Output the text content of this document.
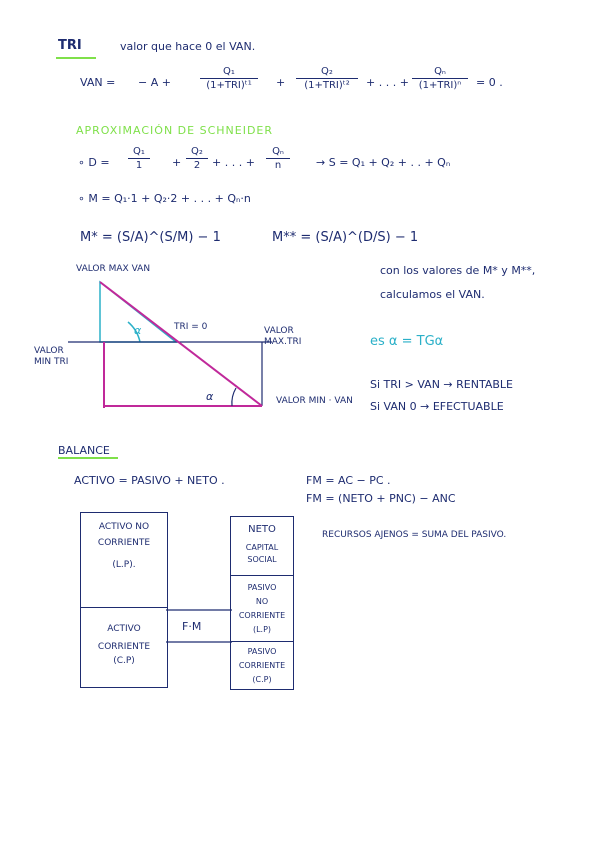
TRI	valor que hace 0 el VAN.
VAN = − A +
Q₁
(1+TRI)ᵗ¹	+
Q₂
(1+TRI)ᵗ²	+ . . . +
Qₙ
(1+TRI)ⁿ	= 0 .
APROXIMACIÓN DE SCHNEIDER
∘ D =
Q₁
1	+
Q₂
2	+ . . . +
Qₙ
n	→ S = Q₁ + Q₂ + . . + Qₙ
∘ M = Q₁·1 + Q₂·2 + . . . + Qₙ·n
M* = (S/A)^(S/M) − 1	M** = (S/A)^(D/S) − 1
VALOR MAX VAN
TRI = 0	VALOR MAX.TRI
VALOR MIN TRI
VALOR MIN · VAN
α
α
con los valores de M* y M**,
calculamos el VAN.
es α = TGα
Si TRI > VAN → RENTABLE
Si VAN 0 → EFECTUABLE
BALANCE
ACTIVO = PASIVO + NETO .	FM = AC − PC .
FM = (NETO + PNC) − ANC
RECURSOS AJENOS = SUMA DEL PASIVO.
ACTIVO NO
CORRIENTE
(L.P).
ACTIVO
CORRIENTE
(C.P)
F·M
NETO
CAPITAL
SOCIAL
PASIVO
NO
CORRIENTE
(L.P)
PASIVO
CORRIENTE
(C.P)
